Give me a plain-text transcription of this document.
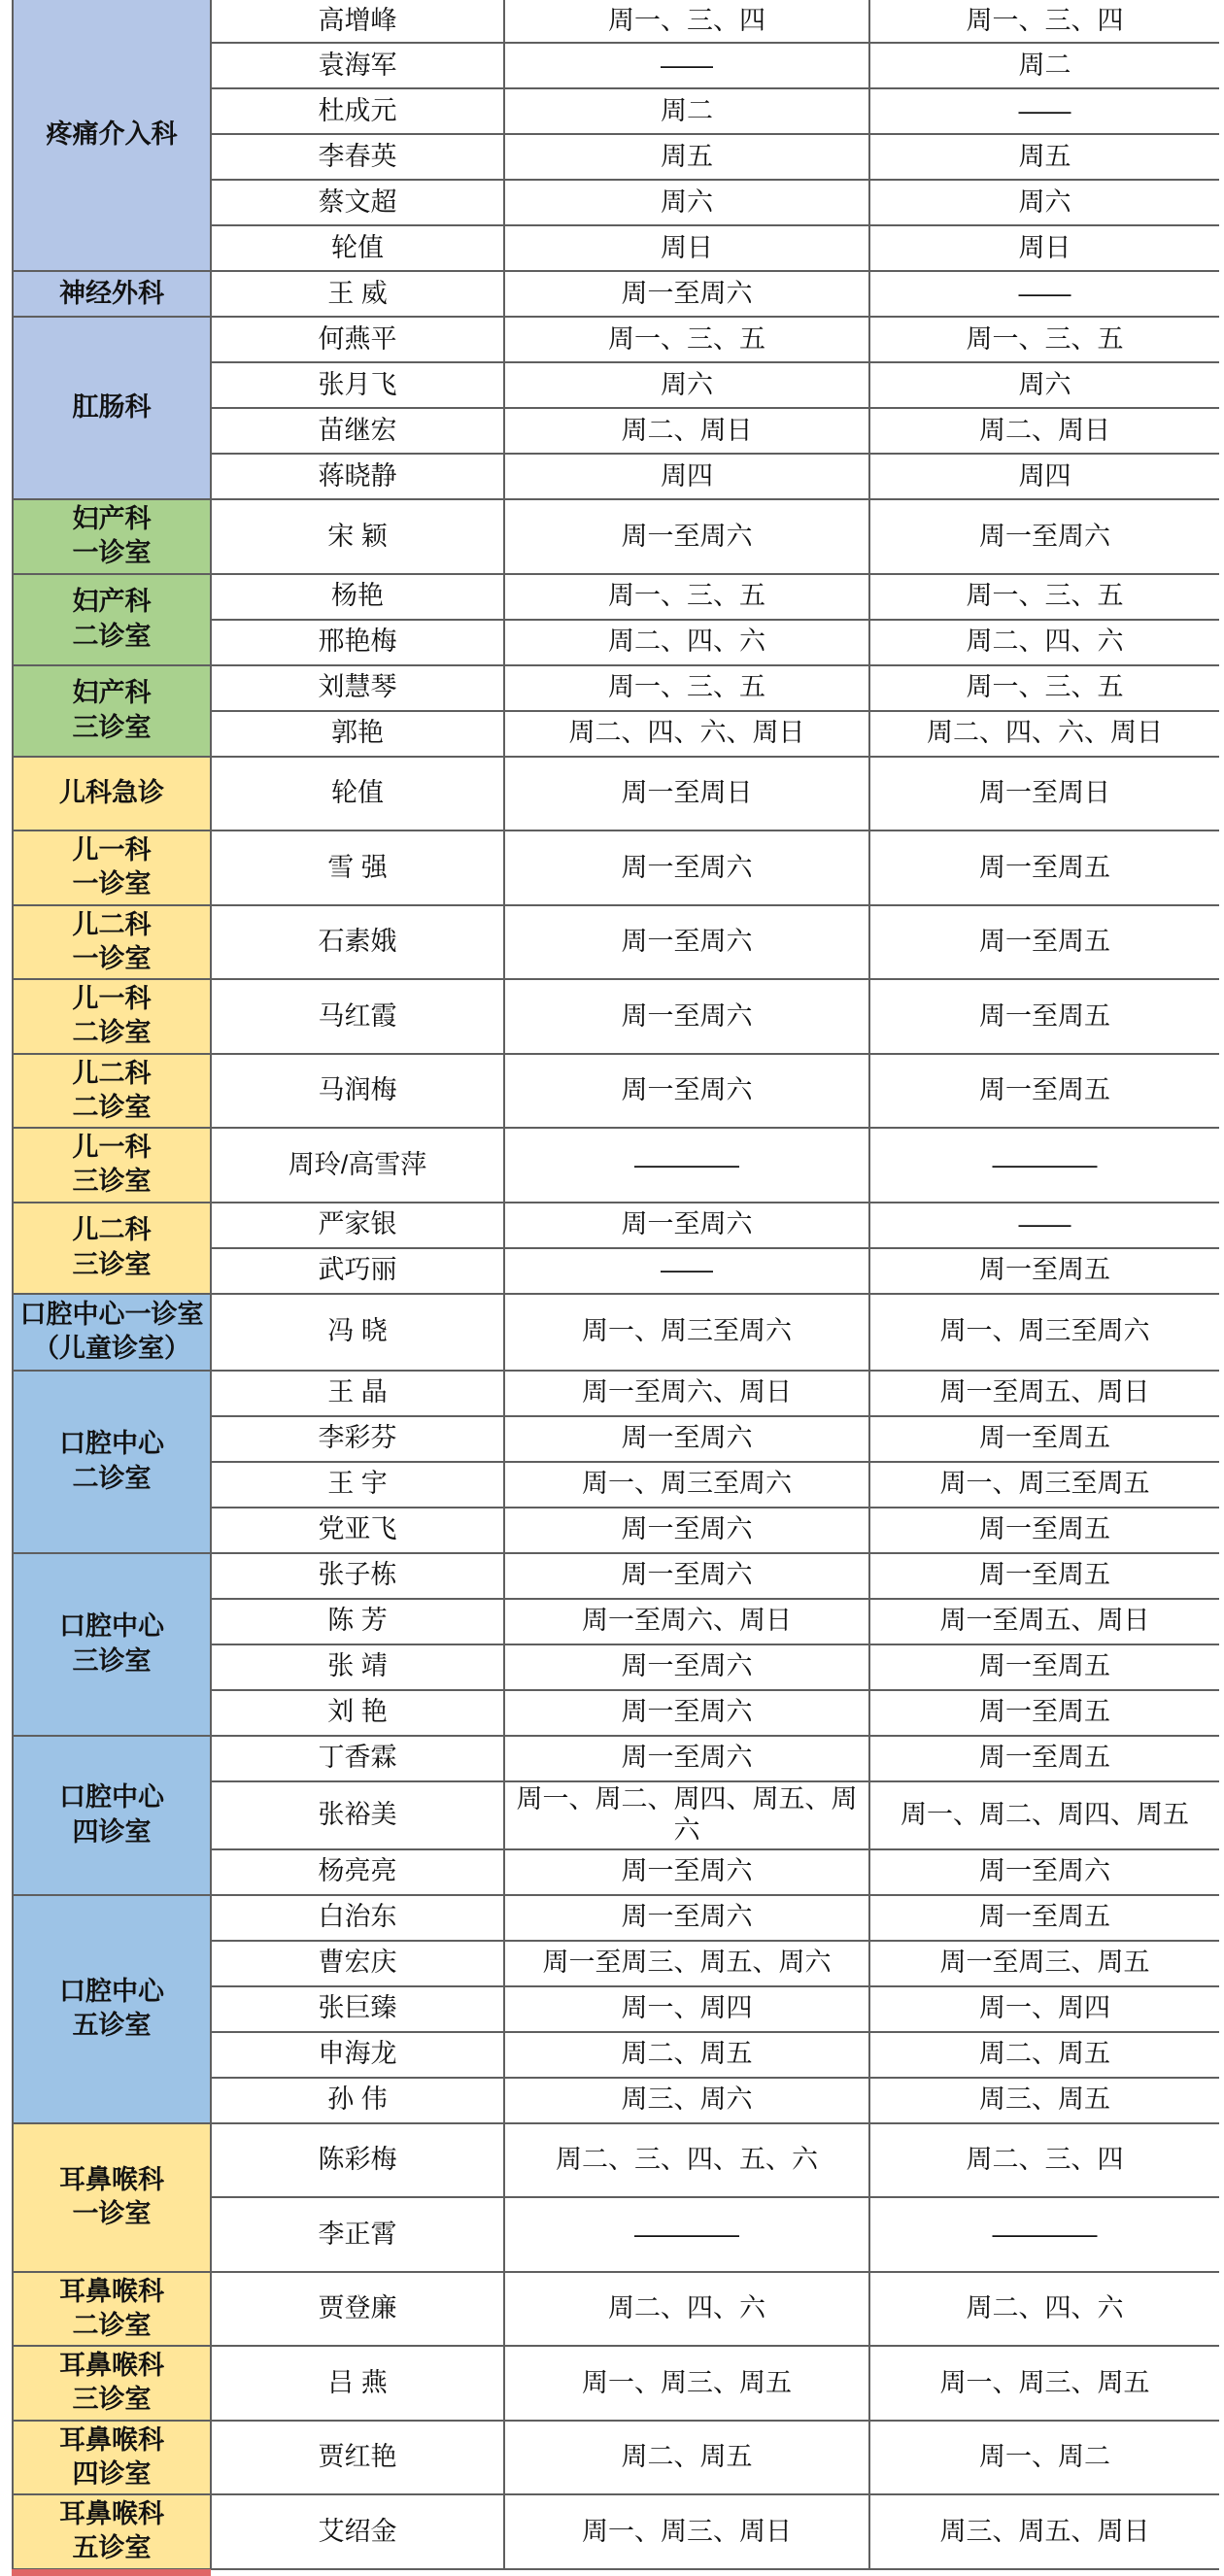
疼痛介入科	高增峰	周一、三、四	周一、三、四
	袁海军	——	周二
	杜成元	周二	——
	李春英	周五	周五
	蔡文超	周六	周六
	轮值	周日	周日
神经外科	王 威	周一至周六	——
肛肠科	何燕平	周一、三、五	周一、三、五
	张月飞	周六	周六
	苗继宏	周二、周日	周二、周日
	蒋晓静	周四	周四
妇产科
一诊室	宋 颖	周一至周六	周一至周六
妇产科
二诊室	杨艳	周一、三、五	周一、三、五
	邢艳梅	周二、四、六	周二、四、六
妇产科
三诊室	刘慧琴	周一、三、五	周一、三、五
	郭艳	周二、四、六、周日	周二、四、六、周日
儿科急诊	轮值	周一至周日	周一至周日
儿一科
一诊室	雪 强	周一至周六	周一至周五
儿二科
一诊室	石素娥	周一至周六	周一至周五
儿一科
二诊室	马红霞	周一至周六	周一至周五
儿二科
二诊室	马润梅	周一至周六	周一至周五
儿一科
三诊室	周玲/高雪萍	————	————
儿二科
三诊室	严家银	周一至周六	——
	武巧丽	——	周一至周五
口腔中心一诊室
（儿童诊室）	冯 晓	周一、周三至周六	周一、周三至周六
口腔中心
二诊室	王 晶	周一至周六、周日	周一至周五、周日
	李彩芬	周一至周六	周一至周五
	王 宇	周一、周三至周六	周一、周三至周五
	党亚飞	周一至周六	周一至周五
口腔中心
三诊室	张子栋	周一至周六	周一至周五
	陈 芳	周一至周六、周日	周一至周五、周日
	张 靖	周一至周六	周一至周五
	刘 艳	周一至周六	周一至周五
口腔中心
四诊室	丁香霖	周一至周六	周一至周五
	张裕美	周一、周二、周四、周五、周六	周一、周二、周四、周五
	杨亮亮	周一至周六	周一至周六
口腔中心
五诊室	白治东	周一至周六	周一至周五
	曹宏庆	周一至周三、周五、周六	周一至周三、周五
	张巨臻	周一、周四	周一、周四
	申海龙	周二、周五	周二、周五
	孙 伟	周三、周六	周三、周五
耳鼻喉科
一诊室	陈彩梅	周二、三、四、五、六	周二、三、四
	李正霄	————	————
耳鼻喉科
二诊室	贾登廉	周二、四、六	周二、四、六
耳鼻喉科
三诊室	吕 燕	周一、周三、周五	周一、周三、周五
耳鼻喉科
四诊室	贾红艳	周二、周五	周一、周二
耳鼻喉科
五诊室	艾绍金	周一、周三、周日	周三、周五、周日
